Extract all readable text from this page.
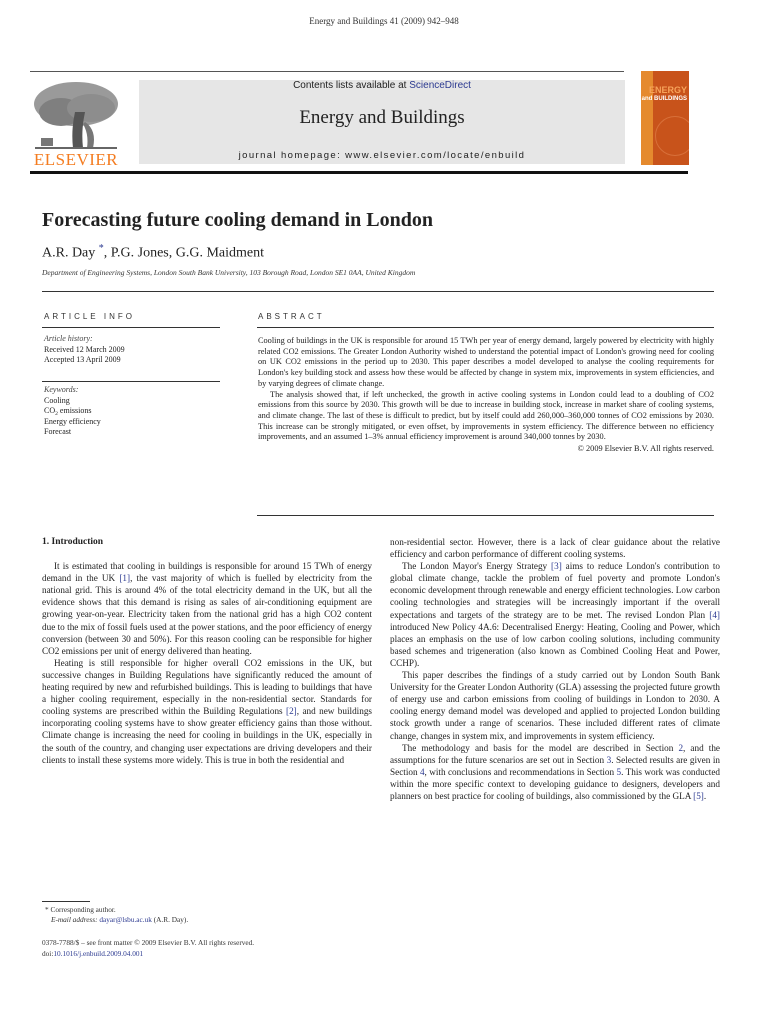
Energy and Buildings 41 (2009) 942–948
ELSEVIER
Contents lists available at ScienceDirect
Energy and Buildings
journal homepage: www.elsevier.com/locate/enbuild
ENERGY
and BUILDINGS
Forecasting future cooling demand in London
A.R. Day *, P.G. Jones, G.G. Maidment
Department of Engineering Systems, London South Bank University, 103 Borough Road, London SE1 0AA, United Kingdom
ARTICLE INFO
Article history:
Received 12 March 2009
Accepted 13 April 2009
Keywords:
Cooling
$CO_2$ emissions
Energy efficiency
Forecast
ABSTRACT

Cooling of buildings in the UK is responsible for around 15 TWh per year of energy demand, largely powered by electricity with highly related CO2 emissions. The Greater London Authority wished to understand the potential impact of London's growing need for cooling on UK CO2 emissions in the period up to 2030. This paper describes a model developed to analyse the cooling requirements for London's key building stock and assess how these would be affected by change in system mix, improvements in system efficiencies, and by varying degrees of climate change.

The analysis showed that, if left unchecked, the growth in active cooling systems in London could lead to a doubling of CO2 emissions from this source by 2030. This growth will be due to increase in building stock, increase in market share of cooling systems, and climate change. The last of these is difficult to predict, but by itself could add 260,000–360,000 tonnes of CO2 emissions by 2030. This increase can be strongly mitigated, or even offset, by improvements in system efficiency. The difference between no efficiency improvements, and an assumed 1–3% annual efficiency improvement is around 340,000 tonnes by 2030.

© 2009 Elsevier B.V. All rights reserved.
1. Introduction

It is estimated that cooling in buildings is responsible for around 15 TWh of energy demand in the UK [1], the vast majority of which is fuelled by electricity from the national grid. This is around 4% of the total electricity demand in the UK, but all the evidence shows that this demand is rising as sales of air-conditioning equipment are growing year-on-year. Electricity taken from the national grid has a high CO2 content due to the mix of fossil fuels used at the power stations, and the poor efficiency of energy conversion (between 30 and 50%). For this reason cooling can be responsible for higher CO2 emissions per unit of energy delivered than heating.

Heating is still responsible for higher overall CO2 emissions in the UK, but successive changes in Building Regulations have significantly reduced the amount of heating required by new and refurbished buildings. This is leading to buildings that have a higher cooling requirement, especially in the non-residential sector. Standards for cooling systems are prescribed within the Building Regulations [2], and new buildings incorporating cooling systems have to show greater efficiency gains than those without. Climate change is increasing the need for cooling in buildings in the UK, especially in the south of the country, and changing user expectations are driving developers and their clients to install these systems more widely. This is true in both the residential and

non-residential sector. However, there is a lack of clear guidance about the relative efficiency and carbon performance of different cooling systems.

The London Mayor's Energy Strategy [3] aims to reduce London's contribution to global climate change, tackle the problem of fuel poverty and promote London's economic development through renewable and energy efficient technologies. Low carbon cooling technologies and strategies will be increasingly important if the overall expectations and targets of the strategy are to be met. The revised London Plan [4] introduced New Policy 4A.6: Decentralised Energy: Heating, Cooling and Power, which places an emphasis on the use of low carbon cooling solutions, including community based schemes and trigeneration (also known as Combined Cooling Heat and Power, CCHP).

This paper describes the findings of a study carried out by London South Bank University for the Greater London Authority (GLA) assessing the projected future growth of energy use and carbon emissions from cooling of buildings in London to 2030. A cooling energy demand model was developed and applied to projected London building stock growth under a range of scenarios. These included different rates of climate change, changes in system mix, and improvements in system efficiency.

The methodology and basis for the model are described in Section 2, and the assumptions for the future scenarios are set out in Section 3. Selected results are given in Section 4, with conclusions and recommendations in Section 5. This work was conducted within the more specific context to developing guidance to designers, developers and planners on best practice for cooling of buildings, also commissioned by the GLA [5].

* Corresponding author.
E-mail address: dayar@lsbu.ac.uk (A.R. Day).
0378-7788/$ – see front matter © 2009 Elsevier B.V. All rights reserved.
doi:10.1016/j.enbuild.2009.04.001
